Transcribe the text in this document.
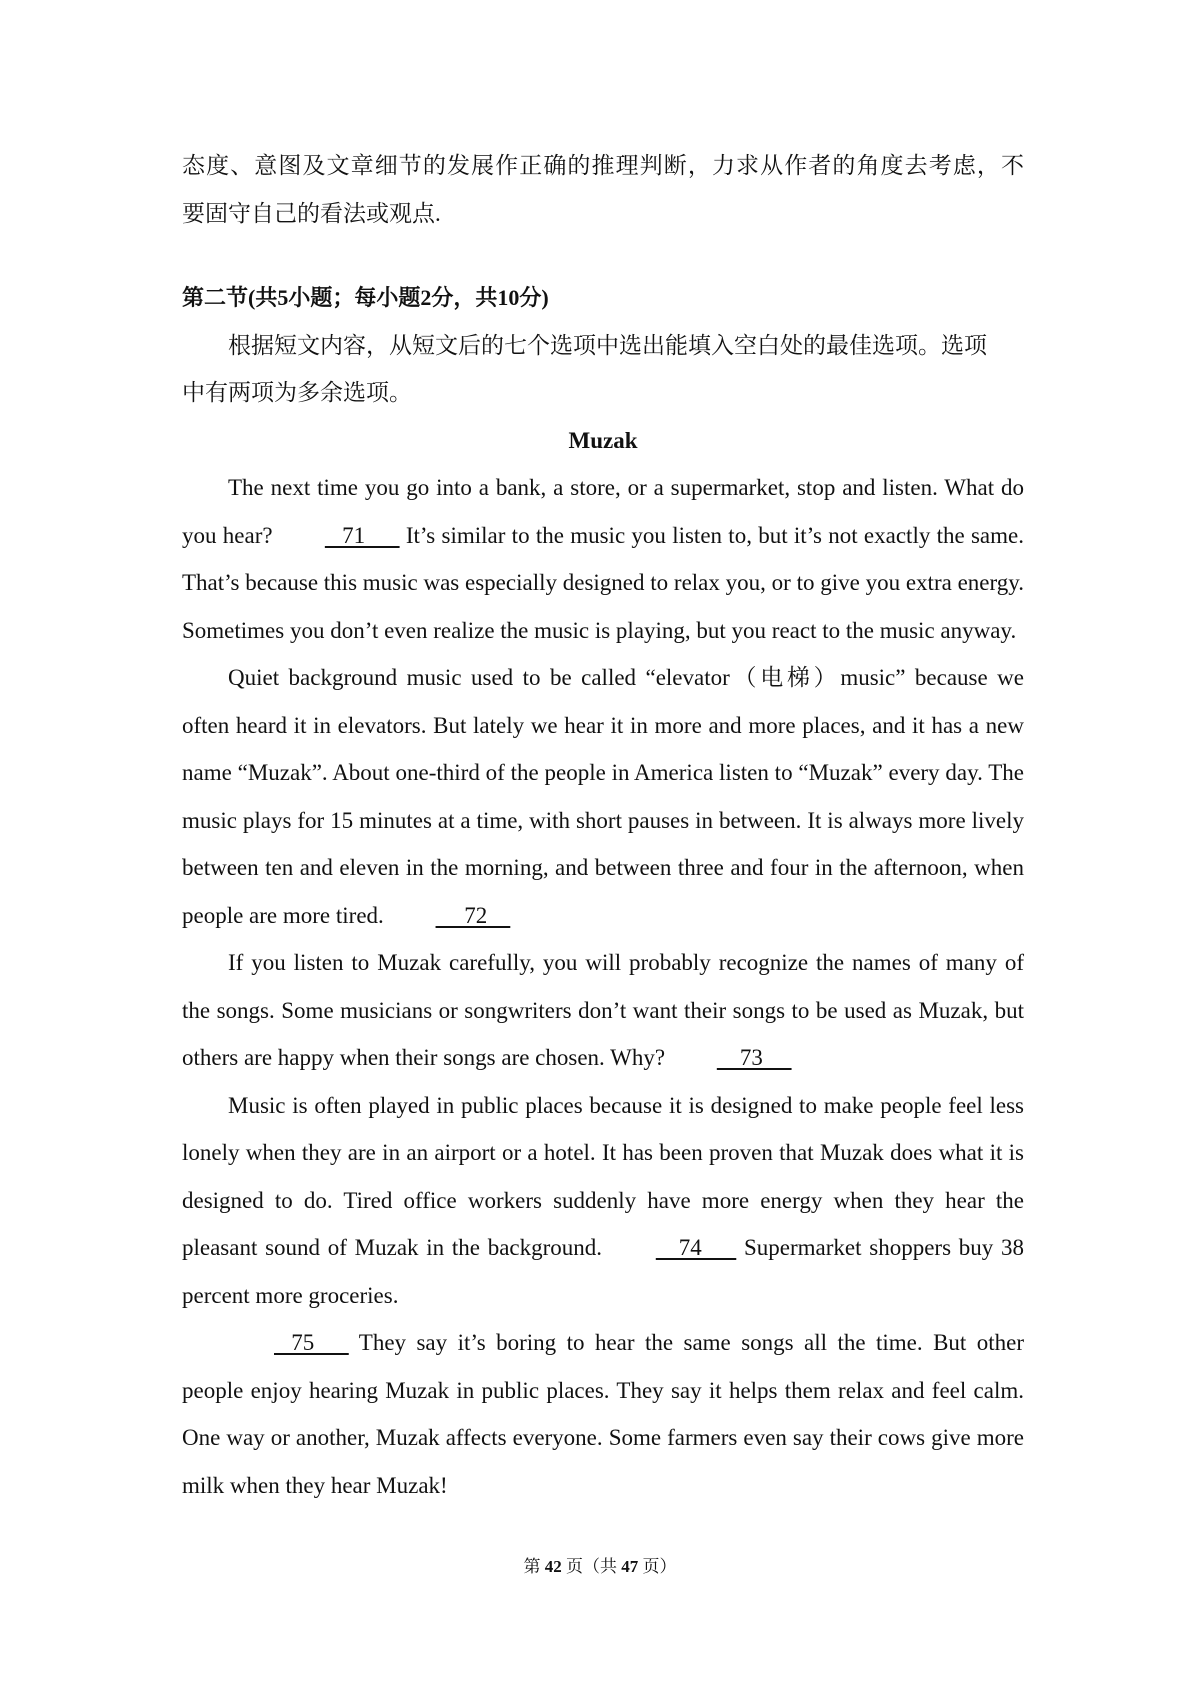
态度、意图及文章细节的发展作正确的推理判断，力求从作者的角度去考虑，不

要固守自己的看法或观点.

第二节(共5小题；每小题2分，共10分)

根据短文内容，从短文后的七个选项中选出能填入空白处的最佳选项。选项
中有两项为多余选项。

Muzak

The next time you go into a bank, a store, or a supermarket, stop and listen. What do you hear?    71       It’s similar to the music you listen to, but it’s not exactly the same. That’s because this music was especially designed to relax you, or to give you extra energy. Sometimes you don’t even realize the music is playing, but you react to the music anyway.

Quiet background music used to be called “elevator（电梯）music” because we often heard it in elevators. But lately we hear it in more and more places, and it has a new name “Muzak”. About one-third of the people in America listen to “Muzak” every day. The music plays for 15 minutes at a time, with short pauses in between. It is always more lively between ten and eleven in the morning, and between three and four in the afternoon, when people are more tired.      72

If you listen to Muzak carefully, you will probably recognize the names of many of the songs. Some musicians or songwriters don’t want their songs to be used as Muzak, but others are happy when their songs are chosen. Why?     73

Music is often played in public places because it is designed to make people feel less lonely when they are in an airport or a hotel. It has been proven that Muzak does what it is designed to do. Tired office workers suddenly have more energy when they hear the pleasant sound of Muzak in the background.     74       Supermarket shoppers buy 38 percent more groceries.

75       They say it’s boring to hear the same songs all the time. But other people enjoy hearing Muzak in public places. They say it helps them relax and feel calm. One way or another, Muzak affects everyone. Some farmers even say their cows give more milk when they hear Muzak!

第 42 页（共 47 页）
